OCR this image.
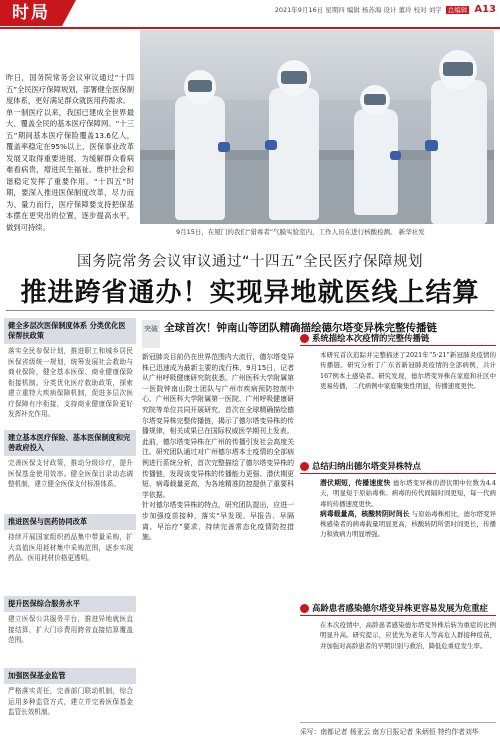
时局	2021年9月16日 星期四 编辑 杨苏海 设计 董玲 校对 刘宇 总编辑 A13
昨日，国务院常务会议审议通过“十四五”全民医疗保障规划，部署健全医保制度体系，更好满足群众就医用药需求。
单一制医疗以来，我国已建成全世界最大、覆盖全民的基本医疗保障网。“十三五”期间基本医疗保险覆盖13.6亿人，覆盖率稳定在95%以上，医保事业改革发展又取得重要进展，为缓解群众看病难看病贵，增进民生福祉、维护社会和谐稳定发挥了重要作用。“十四五”时期，要深入推进医保制度改革，尽力而为、量力而行，医疗保障要支持把保基本摆在更突出的位置，逐步提高水平，做到可持续。
9月15日，在厦门的我们“猎毒者”气膜实验室内，工作人员在进行核酸检测。 新华社发
国务院常务会议审议通过“十四五”全民医疗保障规划
推进跨省通办！实现异地就医线上结算
健全多层次医保制度体系 分类优化医保帮扶政策
落实全民参保计划，推进职工和城乡居民医保省级统一规划，统筹发展社会救助与商业保险，健全基本医保、商业健康保险衔接机制。分类优化医疗救助政策，探索建立重特大疾病保障机制，促进多层次医疗保障有序衔接，支持商业健康保险更好发挥补充作用。
建立基本医疗保险、基本医保制度和完善政府投入
完善医保支付政策，推动分级诊疗，提升医保基金使用效率。健全医保目录动态调整机制，建立健全医保支付标准体系。
推进医保与医药协同改革
持续开展国家组织药品集中带量采购，扩大高值医用耗材集中采购范围，逐步实现药品、医用耗材价格更透明。
提升医保综合服务水平
建立医保公共服务平台，推进异地就医直接结算，扩大门诊费用跨省直接结算覆盖范围。
加强医保基金监管
严格落实责任，完善部门联动机制，综合运用多种监管方式，建立并完善医保基金监管长效机制。
突破 全球首次！钟南山等团队精确描绘德尔塔变异株完整传播链
新冠肺炎目前仍在世界范围内大流行，德尔塔变异株已迅速成为最新主要的流行株，9月15日，记者从广州呼吸健康研究院获悉，广州医科大学附属第一医院钟南山院士团队与广州市疾病预防控制中心、广州医科大学附属第一医院、广州呼吸健康研究院等单位共同开展研究，首次在全球精确描绘德尔塔变异株完整传播链，揭示了德尔塔变异株的传播规律，相关成果已在国际权威医学期刊上发表。
此前，德尔塔变异株在广州的传播引发社会高度关注。研究团队通过对广州德尔塔本土疫情的全部病例进行系统分析，首次完整描绘了德尔塔变异株的传播链，发现该变异株的传播能力更强、潜伏期更短、病毒载量更高，为各地精准防控提供了重要科学依据。
针对德尔塔变异株的特点，研究团队提出，应进一步加强疫苗接种，落实“早发现、早报告、早隔离、早治疗”要求，持续完善常态化疫情防控措施。
系统描绘本次疫情的完整传播链
本研究首次追踪并完整描述了2021年“5·21”新冠肺炎疫情的传播链。研究分析了广东省新冠肺炎疫情的全部病例，共计167例本土感染者。研究发现，德尔塔变异株在家庭和社区中更易传播，二代病例中家庭聚集性明显，传播速度更快。
总结归纳出德尔塔变异株特点
潜伏期短，传播速度快 德尔塔变异株的潜伏期中位数为4.4天，明显短于原始毒株。病毒的传代间隔时间更短，每一代病毒的传播速度更快。
病毒载量高，核酸转阴时间长 与原始毒株相比，德尔塔变异株感染者的病毒载量明显更高，核酸转阴所需时间更长，传播力和致病力明显增强。
高龄患者感染德尔塔变异株更容易发展为危重症
在本次疫情中，高龄患者感染德尔塔变异株后转为重症的比例明显升高。研究提示，应优先为老年人等高危人群接种疫苗，并加强对高龄患者的早期识别与救治，降低危重症发生率。
采写：南都记者 杨亚云 南方日报记者 朱炳恒 特约作者刘华
